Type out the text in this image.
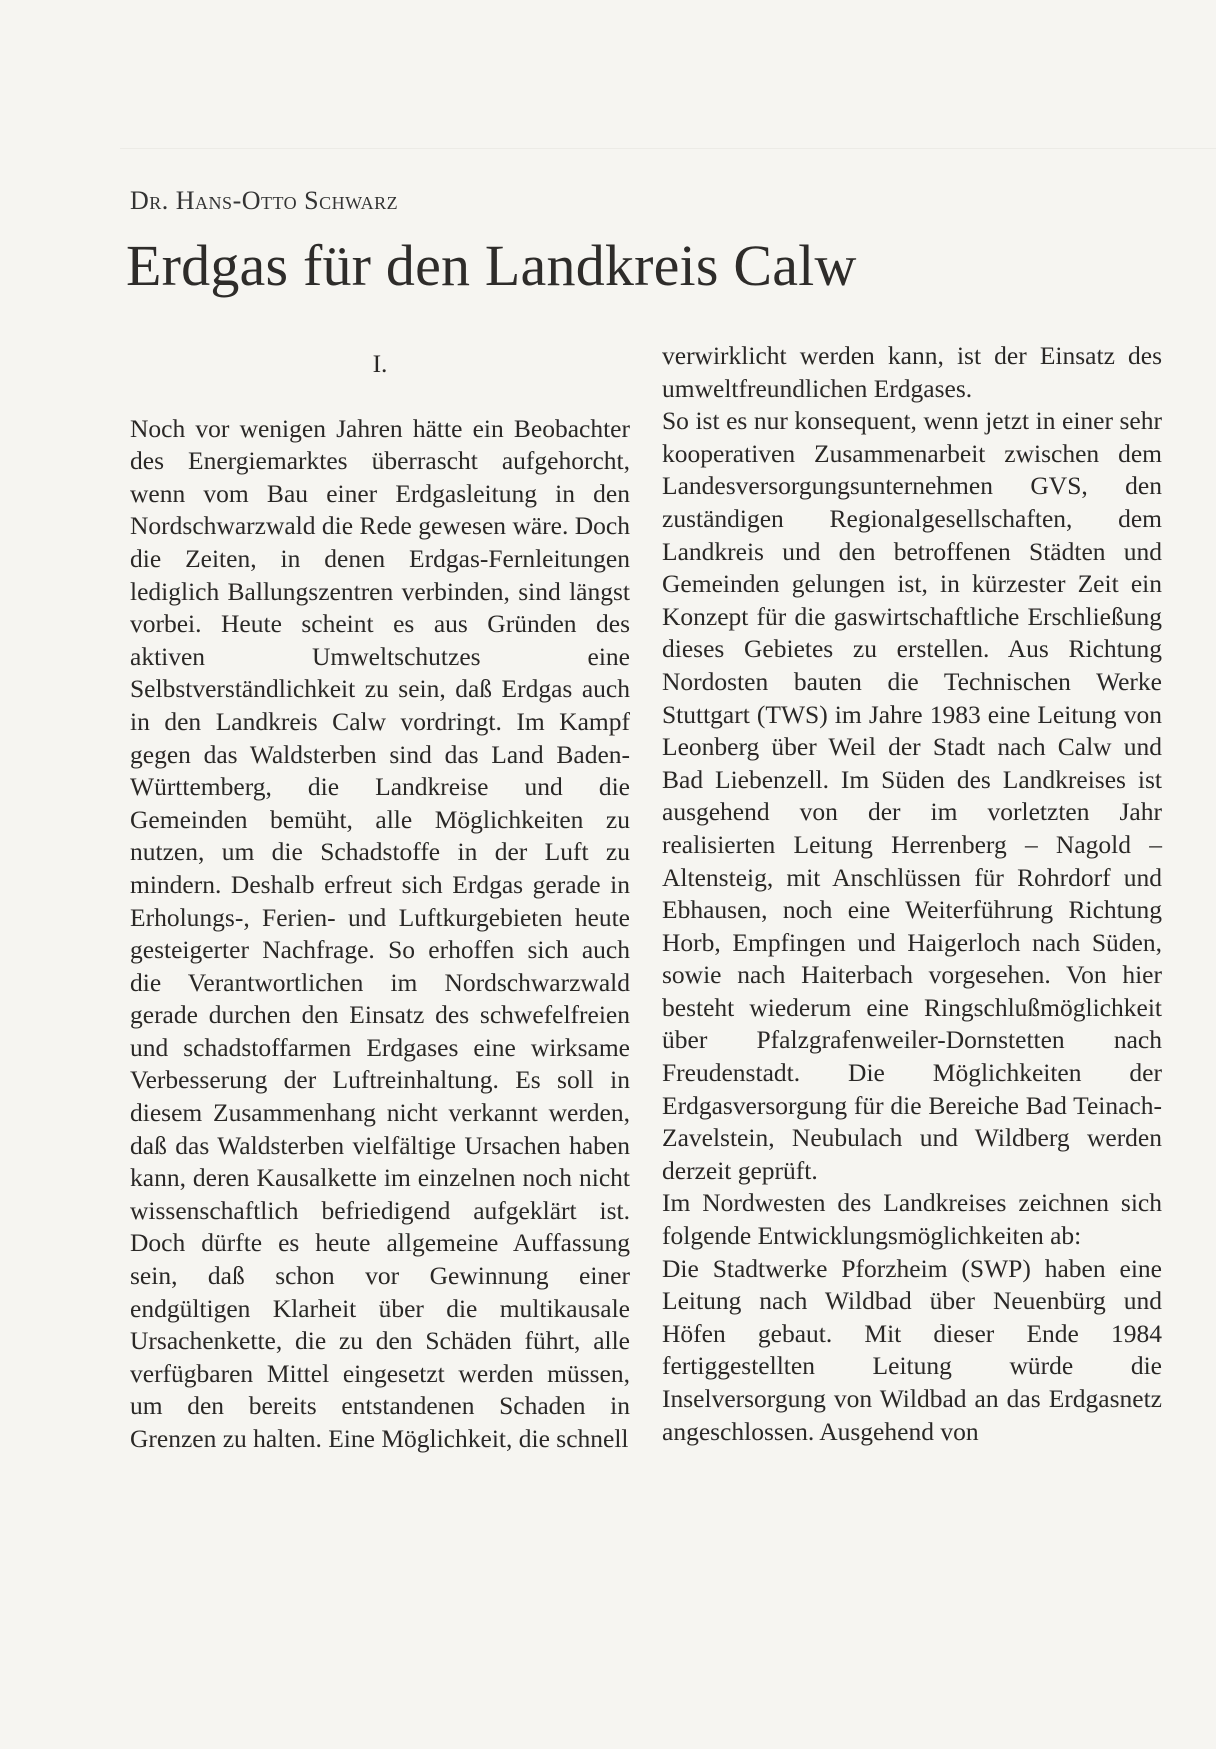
Dr. Hans-Otto Schwarz
Erdgas für den Landkreis Calw
I.

Noch vor wenigen Jahren hätte ein Beobachter des Energiemarktes überrascht aufgehorcht, wenn vom Bau einer Erdgasleitung in den Nordschwarzwald die Rede gewesen wäre. Doch die Zeiten, in denen Erdgas-Fernleitungen lediglich Ballungszentren verbinden, sind längst vorbei. Heute scheint es aus Gründen des aktiven Umweltschutzes eine Selbstverständlichkeit zu sein, daß Erdgas auch in den Landkreis Calw vordringt. Im Kampf gegen das Waldsterben sind das Land Baden-Württemberg, die Landkreise und die Gemeinden bemüht, alle Möglichkeiten zu nutzen, um die Schadstoffe in der Luft zu mindern. Deshalb erfreut sich Erdgas gerade in Erholungs-, Ferien- und Luftkurgebieten heute gesteigerter Nachfrage. So erhoffen sich auch die Verantwortlichen im Nordschwarzwald gerade durchen den Einsatz des schwefelfreien und schadstoffarmen Erdgases eine wirksame Verbesserung der Luftreinhaltung. Es soll in diesem Zusammenhang nicht verkannt werden, daß das Waldsterben vielfältige Ursachen haben kann, deren Kausalkette im einzelnen noch nicht wissenschaftlich befriedigend aufgeklärt ist. Doch dürfte es heute allgemeine Auffassung sein, daß schon vor Gewinnung einer endgültigen Klarheit über die multikausale Ursachenkette, die zu den Schäden führt, alle verfügbaren Mittel eingesetzt werden müssen, um den bereits entstandenen Schaden in Grenzen zu halten. Eine Möglichkeit, die schnell

verwirklicht werden kann, ist der Einsatz des umweltfreundlichen Erdgases.

So ist es nur konsequent, wenn jetzt in einer sehr kooperativen Zusammenarbeit zwischen dem Landesversorgungsunternehmen GVS, den zuständigen Regionalgesellschaften, dem Landkreis und den betroffenen Städten und Gemeinden gelungen ist, in kürzester Zeit ein Konzept für die gaswirtschaftliche Erschließung dieses Gebietes zu erstellen. Aus Richtung Nordosten bauten die Technischen Werke Stuttgart (TWS) im Jahre 1983 eine Leitung von Leonberg über Weil der Stadt nach Calw und Bad Liebenzell. Im Süden des Landkreises ist ausgehend von der im vorletzten Jahr realisierten Leitung Herrenberg – Nagold – Altensteig, mit Anschlüssen für Rohrdorf und Ebhausen, noch eine Weiterführung Richtung Horb, Empfingen und Haigerloch nach Süden, sowie nach Haiterbach vorgesehen. Von hier besteht wiederum eine Ringschlußmöglichkeit über Pfalzgrafenweiler-Dornstetten nach Freudenstadt. Die Möglichkeiten der Erdgasversorgung für die Bereiche Bad Teinach-Zavelstein, Neubulach und Wildberg werden derzeit geprüft.

Im Nordwesten des Landkreises zeichnen sich folgende Entwicklungsmöglichkeiten ab:

Die Stadtwerke Pforzheim (SWP) haben eine Leitung nach Wildbad über Neuenbürg und Höfen gebaut. Mit dieser Ende 1984 fertiggestellten Leitung würde die Inselversorgung von Wildbad an das Erdgasnetz angeschlossen. Ausgehend von
